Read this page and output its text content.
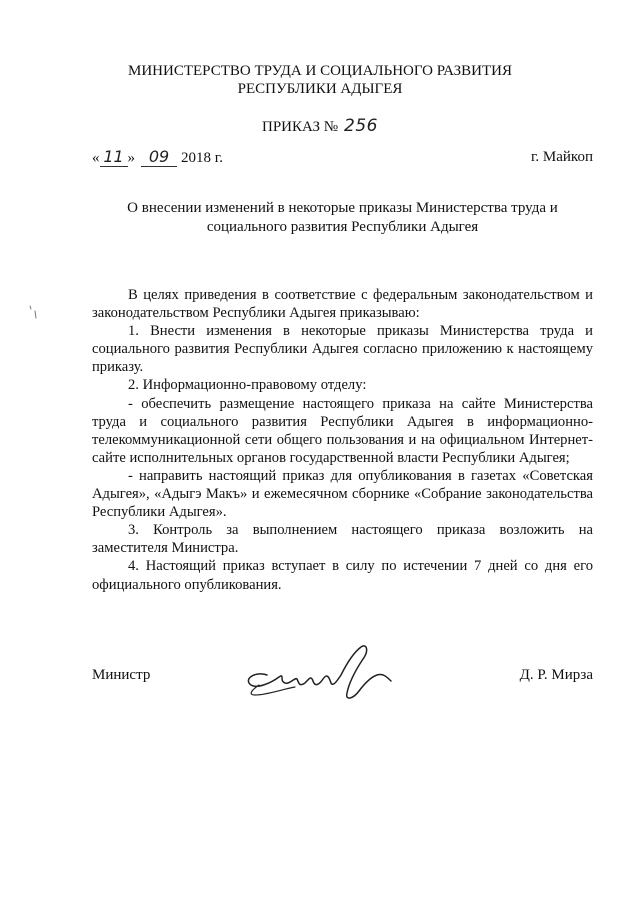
МИНИСТЕРСТВО ТРУДА И СОЦИАЛЬНОГО РАЗВИТИЯ
РЕСПУБЛИКИ АДЫГЕЯ
ПРИКАЗ № 256
« 11 » 09 2018 г.	г. Майкоп
О внесении изменений в некоторые приказы Министерства труда и социального развития Республики Адыгея

В целях приведения в соответствие с федеральным законодательством и законодательством Республики Адыгея приказываю:

1. Внести изменения в некоторые приказы Министерства труда и социального развития Республики Адыгея согласно приложению к настоящему приказу.

2. Информационно-правовому отделу:

- обеспечить размещение настоящего приказа на сайте Министерства труда и социального развития Республики Адыгея в информационно-телекоммуникационной сети общего пользования и на официальном Интернет-сайте исполнительных органов государственной власти Республики Адыгея;

- направить настоящий приказ для опубликования в газетах «Советская Адыгея», «Адыгэ Макъ» и ежемесячном сборнике «Собрание законодательства Республики Адыгея».

3. Контроль за выполнением настоящего приказа возложить на заместителя Министра.

4. Настоящий приказ вступает в силу по истечении 7 дней со дня его официального опубликования.

Министр	Д. Р. Мирза
